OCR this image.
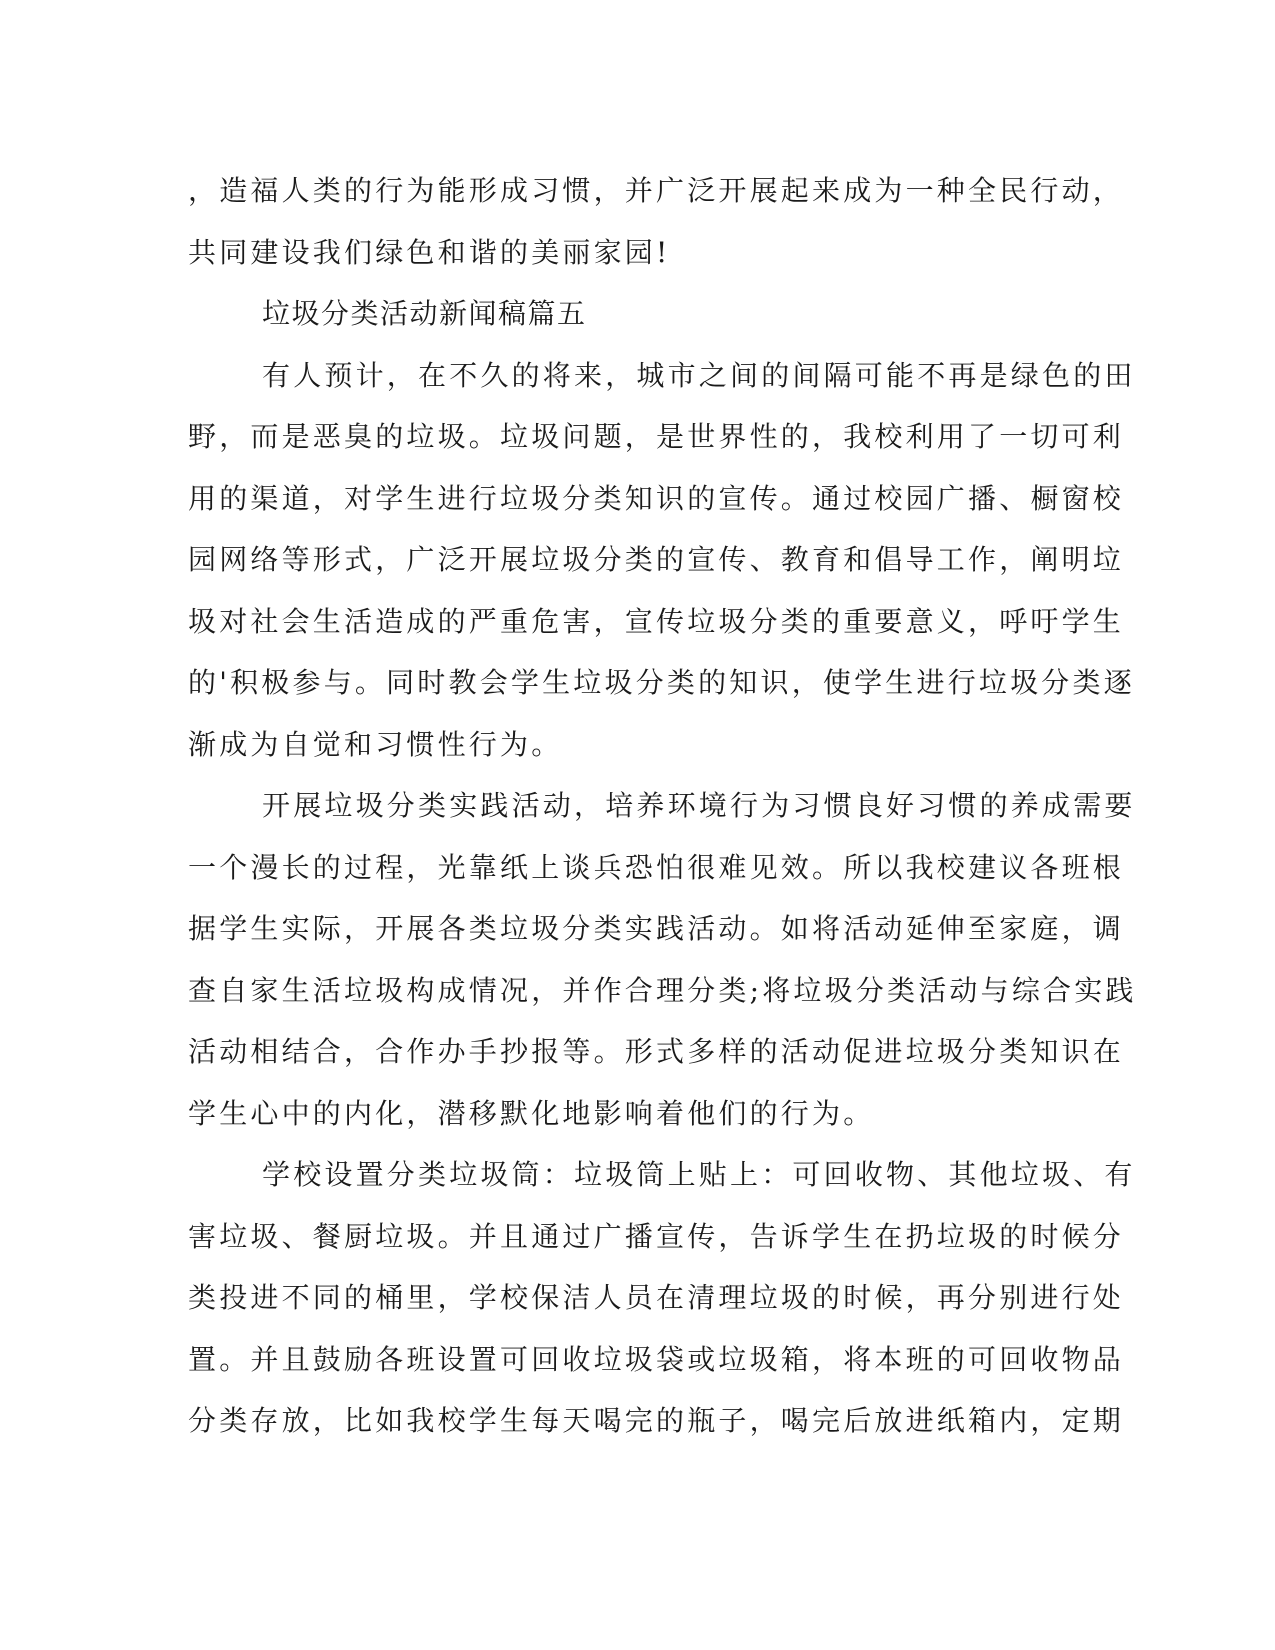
，造福人类的行为能形成习惯，并广泛开展起来成为一种全民行动，
共同建设我们绿色和谐的美丽家园!
垃圾分类活动新闻稿篇五
有人预计，在不久的将来，城市之间的间隔可能不再是绿色的田
野，而是恶臭的垃圾。垃圾问题，是世界性的，我校利用了一切可利
用的渠道，对学生进行垃圾分类知识的宣传。通过校园广播、橱窗校
园网络等形式，广泛开展垃圾分类的宣传、教育和倡导工作，阐明垃
圾对社会生活造成的严重危害，宣传垃圾分类的重要意义，呼吁学生
的'积极参与。同时教会学生垃圾分类的知识，使学生进行垃圾分类逐
渐成为自觉和习惯性行为。
开展垃圾分类实践活动，培养环境行为习惯良好习惯的养成需要
一个漫长的过程，光靠纸上谈兵恐怕很难见效。所以我校建议各班根
据学生实际，开展各类垃圾分类实践活动。如将活动延伸至家庭，调
查自家生活垃圾构成情况，并作合理分类;将垃圾分类活动与综合实践
活动相结合，合作办手抄报等。形式多样的活动促进垃圾分类知识在
学生心中的内化，潜移默化地影响着他们的行为。
学校设置分类垃圾筒：垃圾筒上贴上：可回收物、其他垃圾、有
害垃圾、餐厨垃圾。并且通过广播宣传，告诉学生在扔垃圾的时候分
类投进不同的桶里，学校保洁人员在清理垃圾的时候，再分别进行处
置。并且鼓励各班设置可回收垃圾袋或垃圾箱，将本班的可回收物品
分类存放，比如我校学生每天喝完的瓶子，喝完后放进纸箱内，定期
